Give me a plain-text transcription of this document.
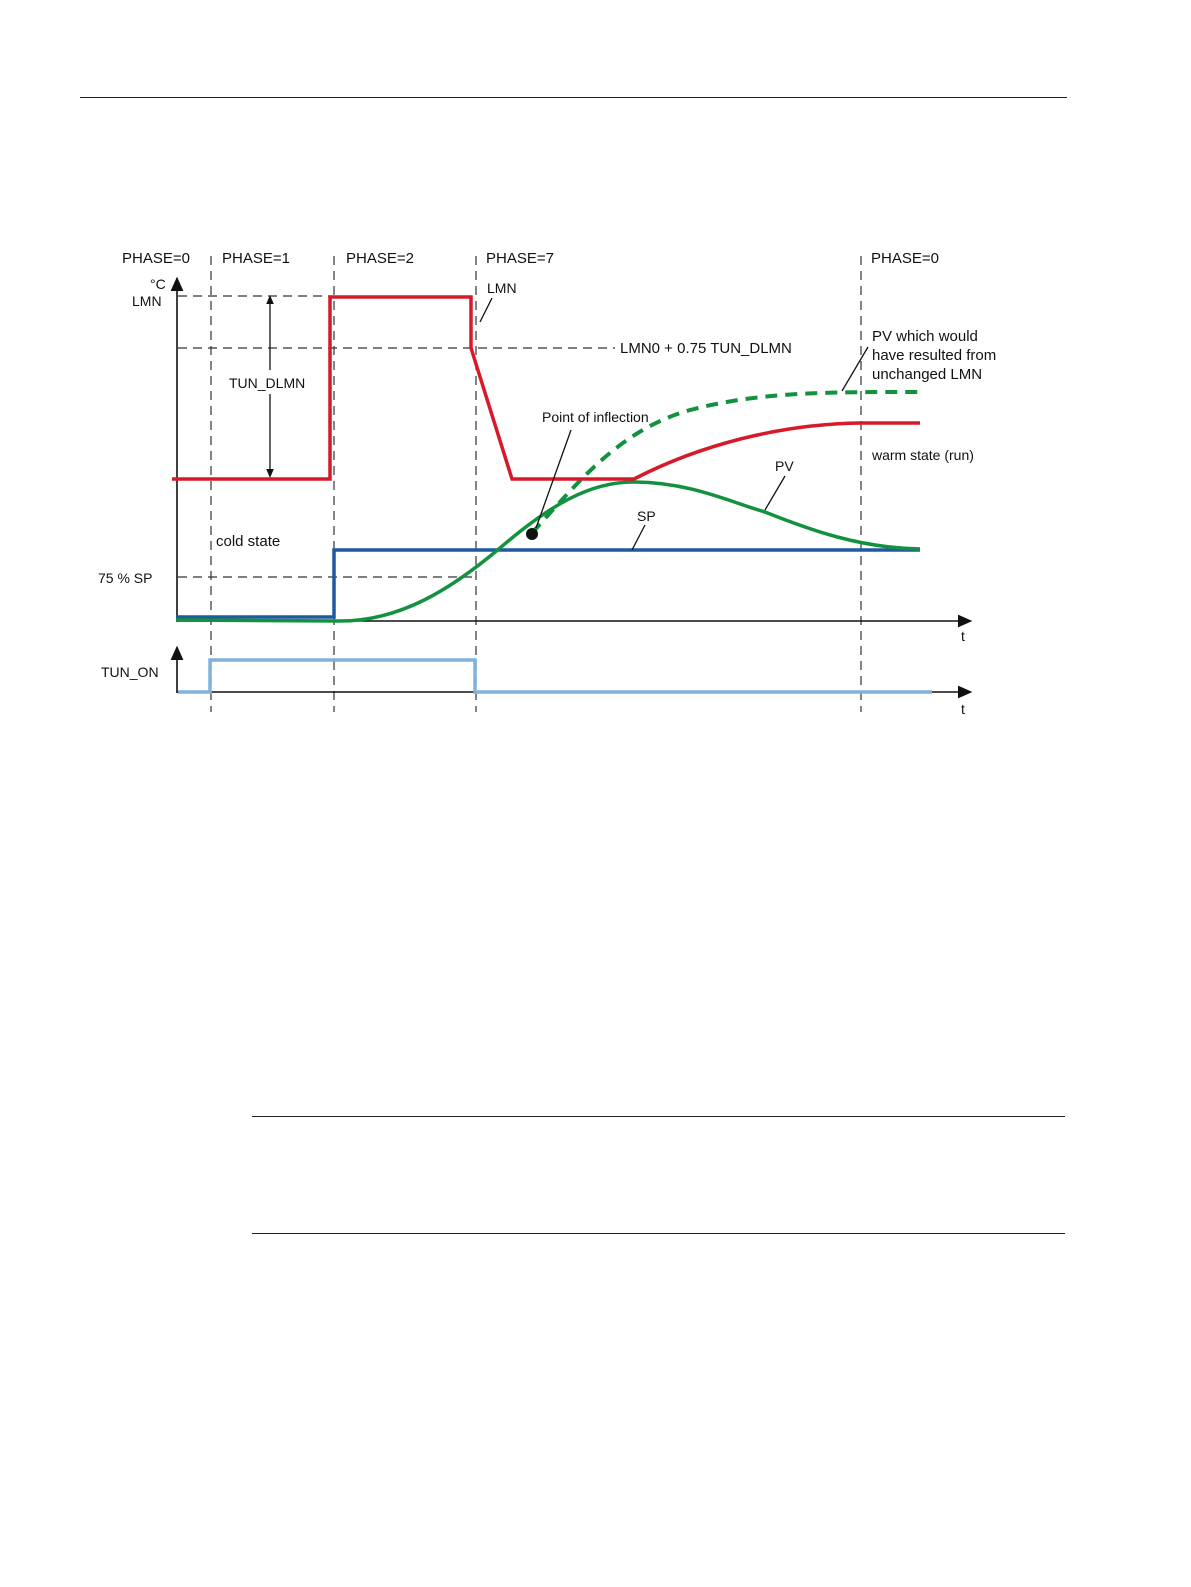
PHASE=0 PHASE=1	PHASE=2	PHASE=7	PHASE=0
°C
LMN
75 % SP
t
TUN_ON
t
TUN_DLMN
LMN
LMN0 + 0.75 TUN_DLMN
PV which would
have resulted from
unchanged LMN
Point of inflection
warm state (run)
PV
SP
cold state
